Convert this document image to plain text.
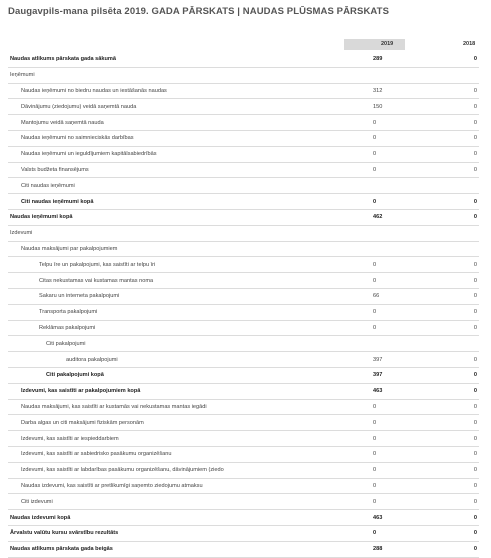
Daugavpils-mana pilsēta 2019. GADA PĀRSKATS | NAUDAS PLŪSMAS PĀRSKATS
2019	2018
Naudas atlikums pārskata gada sākumā	289	0
Ieņēmumi		
Naudas ieņēmumi no biedru naudas un iestāšanās naudas	312	0
Dāvinājumu (ziedojumu) veidā saņemtā nauda	150	0
Mantojumu veidā saņemtā nauda	0	0
Naudas ieņēmumi no saimnieciskās darbības	0	0
Naudas ieņēmumi un ieguldījumiem kapitālsabiedrībās	0	0
Valsts budžeta finansējums	0	0
Citi naudas ieņēmumi		
Citi naudas ieņēmumi kopā	0	0
Naudas ieņēmumi kopā	462	0
Izdevumi		
Naudas maksājumi par pakalpojumiem		
Telpu īre un pakalpojumi, kas saistīti ar telpu īri	0	0
Citas nekustamas vai kustamas mantas noma	0	0
Sakaru un interneta pakalpojumi	66	0
Transporta pakalpojumi	0	0
Reklāmas pakalpojumi	0	0
Citi pakalpojumi		
auditora pakalpojumi	397	0
Citi pakalpojumi kopā	397	0
Izdevumi, kas saistīti ar pakalpojumiem kopā	463	0
Naudas maksājumi, kas saistīti ar kustamās vai nekustamas mantas iegādi	0	0
Darba algas un citi maksājumi fiziskām personām	0	0
Izdevumi, kas saistīti ar iespieddarbiem	0	0
Izdevumi, kas saistīti ar sabiedrisko pasākumu organizēšanu	0	0
Izdevumi, kas saistīti ar labdarības pasākumu organizēšanu, dāvinājumiem (ziedo	0	0
Naudas izdevumi, kas saistīti ar pretlikumīgi saņemto ziedojumu atmaksu	0	0
Citi izdevumi	0	0
Naudas izdevumi kopā	463	0
Ārvalstu valūtu kursu svārstību rezultāts	0	0
Naudas atlikums pārskata gada beigās	288	0
